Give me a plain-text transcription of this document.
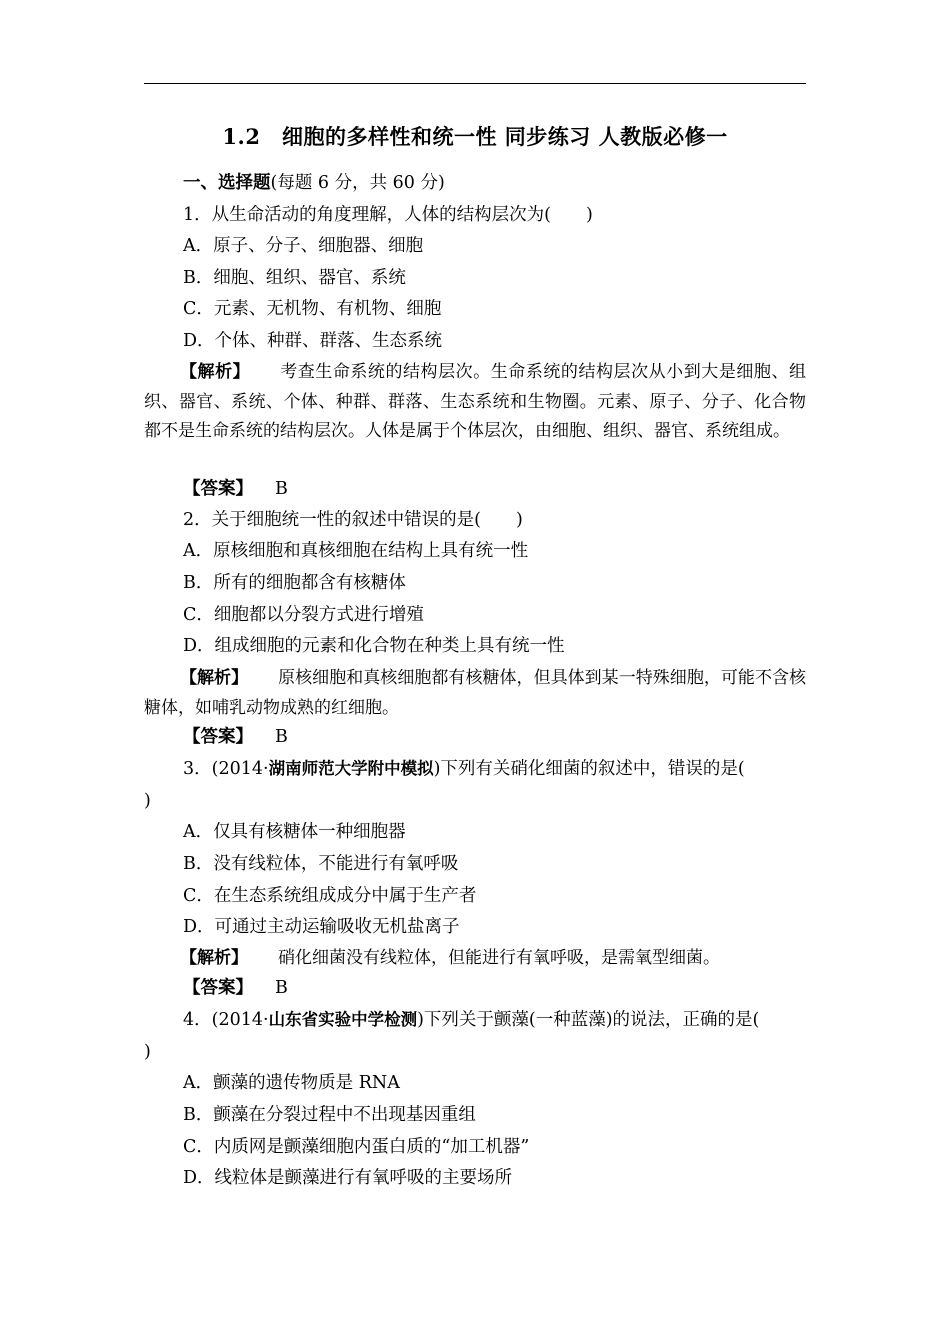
1.2　细胞的多样性和统一性 同步练习 人教版必修一
一、选择题(每题 6 分，共 60 分)
1．从生命活动的角度理解，人体的结构层次为(　　)
A．原子、分子、细胞器、细胞
B．细胞、组织、器官、系统
C．元素、无机物、有机物、细胞
D．个体、种群、群落、生态系统
【解析】 考查生命系统的结构层次。生命系统的结构层次从小到大是细胞、组织、器官、系统、个体、种群、群落、生态系统和生物圈。元素、原子、分子、化合物都不是生命系统的结构层次。人体是属于个体层次，由细胞、组织、器官、系统组成。
【答案】 B
2．关于细胞统一性的叙述中错误的是(　　)
A．原核细胞和真核细胞在结构上具有统一性
B．所有的细胞都含有核糖体
C．细胞都以分裂方式进行增殖
D．组成细胞的元素和化合物在种类上具有统一性
【解析】 原核细胞和真核细胞都有核糖体，但具体到某一特殊细胞，可能不含核糖体，如哺乳动物成熟的红细胞。
【答案】 B
3．(2014·湖南师范大学附中模拟)下列有关硝化细菌的叙述中，错误的是(
)
A．仅具有核糖体一种细胞器
B．没有线粒体，不能进行有氧呼吸
C．在生态系统组成成分中属于生产者
D．可通过主动运输吸收无机盐离子
【解析】 硝化细菌没有线粒体，但能进行有氧呼吸，是需氧型细菌。
【答案】 B
4．(2014·山东省实验中学检测)下列关于颤藻(一种蓝藻)的说法，正确的是(
)
A．颤藻的遗传物质是 RNA
B．颤藻在分裂过程中不出现基因重组
C．内质网是颤藻细胞内蛋白质的“加工机器”
D．线粒体是颤藻进行有氧呼吸的主要场所
